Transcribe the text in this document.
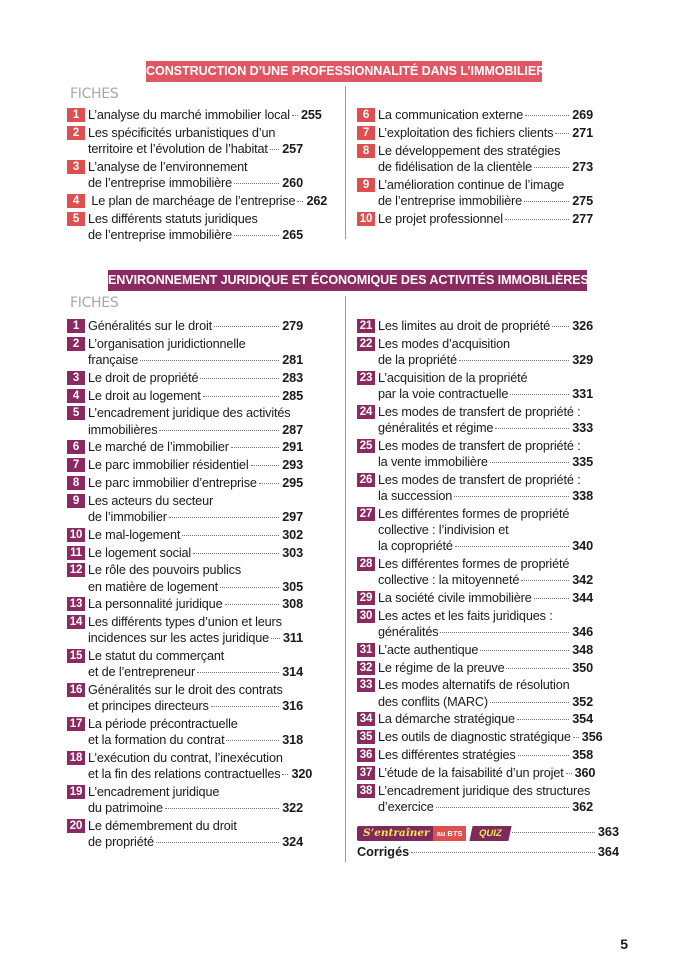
CONSTRUCTION D’UNE PROFESSIONNALITÉ DANS L’IMMOBILIER
FICHES
1 L’analyse du marché immobilier local 255
2 Les spécificités urbanistiques d’un
territoire et l’évolution de l’habitat 257
3 L’analyse de l’environnement
de l’entreprise immobilière	260
4 Le plan de marchéage de l’entreprise 262
5 Les différents statuts juridiques
de l’entreprise immobilière	265
6 La communication externe	269
7 L’exploitation des fichiers clients 271
8 Le développement des stratégies
de fidélisation de la clientèle	273
9 L’amélioration continue de l’image
de l’entreprise immobilière	275
10 Le projet professionnel	277
ENVIRONNEMENT JURIDIQUE ET ÉCONOMIQUE DES ACTIVITÉS IMMOBILIÈRES
FICHES
1 Généralités sur le droit	279
2 L’organisation juridictionnelle
française	281
3 Le droit de propriété	283
4 Le droit au logement	285
5 L’encadrement juridique des activités
immobilières	287
6 Le marché de l’immobilier	291
7 Le parc immobilier résidentiel	293
8 Le parc immobilier d’entreprise 295
9 Les acteurs du secteur
de l’immobilier	297
10 Le mal-logement	302
11 Le logement social	303
12 Le rôle des pouvoirs publics
en matière de logement	305
13 La personnalité juridique	308
14 Les différents types d’union et leurs
incidences sur les actes juridique 311
15 Le statut du commerçant
et de l’entrepreneur	314
16 Généralités sur le droit des contrats
et principes directeurs	316
17 La période précontractuelle
et la formation du contrat	318
18 L’exécution du contrat, l’inexécution
et la fin des relations contractuelles 320
19 L’encadrement juridique
du patrimoine	322
20 Le démembrement du droit
de propriété	324
S’entraîner au BTS	QUIZ	363
Corrigés	364
21 Les limites au droit de propriété 326
22 Les modes d’acquisition
de la propriété	329
23 L’acquisition de la propriété
par la voie contractuelle	331
24 Les modes de transfert de propriété :
généralités et régime	333
25 Les modes de transfert de propriété :
la vente immobilière	335
26 Les modes de transfert de propriété :
la succession	338
27 Les différentes formes de propriété
collective : l’indivision et
la copropriété	340
28 Les différentes formes de propriété
collective : la mitoyenneté	342
29 La société civile immobilière	344
30 Les actes et les faits juridiques :
généralités	346
31 L’acte authentique	348
32 Le régime de la preuve	350
33 Les modes alternatifs de résolution
des conflits (MARC)	352
34 La démarche stratégique	354
35 Les outils de diagnostic stratégique 356
36 Les différentes stratégies	358
37 L’étude de la faisabilité d’un projet 360
38 L’encadrement juridique des structures
d’exercice	362
5
